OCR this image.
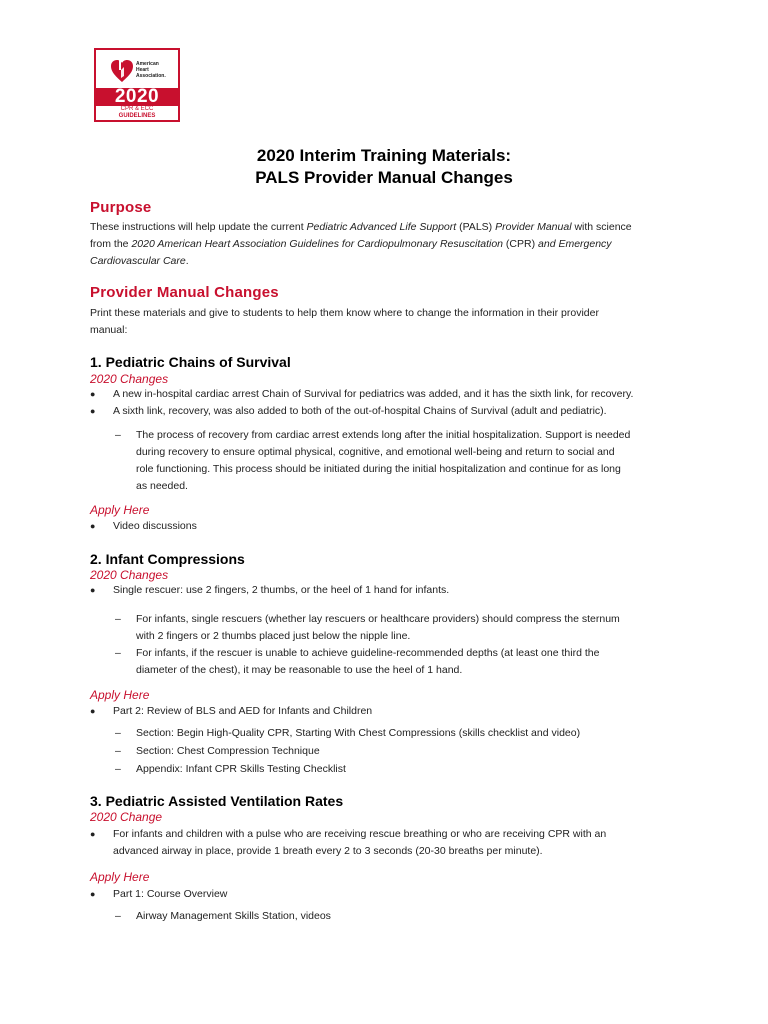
American
Heart
Association.
2020
CPR & ECC
GUIDELINES
2020 Interim Training Materials:
PALS Provider Manual Changes
Purpose
These instructions will help update the current Pediatric Advanced Life Support (PALS) Provider Manual with science
from the 2020 American Heart Association Guidelines for Cardiopulmonary Resuscitation (CPR) and Emergency
Cardiovascular Care.
Provider Manual Changes
Print these materials and give to students to help them know where to change the information in their provider
manual:
1. Pediatric Chains of Survival
2020 Changes
●	A new in-hospital cardiac arrest Chain of Survival for pediatrics was added, and it has the sixth link, for recovery.
●	A sixth link, recovery, was also added to both of the out-of-hospital Chains of Survival (adult and pediatric).
–	The process of recovery from cardiac arrest extends long after the initial hospitalization. Support is needed
during recovery to ensure optimal physical, cognitive, and emotional well-being and return to social and
role functioning. This process should be initiated during the initial hospitalization and continue for as long
as needed.
Apply Here
●	Video discussions
2. Infant Compressions
2020 Changes
●	Single rescuer: use 2 fingers, 2 thumbs, or the heel of 1 hand for infants.
–	For infants, single rescuers (whether lay rescuers or healthcare providers) should compress the sternum
with 2 fingers or 2 thumbs placed just below the nipple line.
–	For infants, if the rescuer is unable to achieve guideline-recommended depths (at least one third the
diameter of the chest), it may be reasonable to use the heel of 1 hand.
Apply Here
●	Part 2: Review of BLS and AED for Infants and Children
–	Section: Begin High-Quality CPR, Starting With Chest Compressions (skills checklist and video)
–	Section: Chest Compression Technique
–	Appendix: Infant CPR Skills Testing Checklist
3. Pediatric Assisted Ventilation Rates
2020 Change
●	For infants and children with a pulse who are receiving rescue breathing or who are receiving CPR with an
advanced airway in place, provide 1 breath every 2 to 3 seconds (20-30 breaths per minute).
Apply Here
●	Part 1: Course Overview
–	Airway Management Skills Station, videos
